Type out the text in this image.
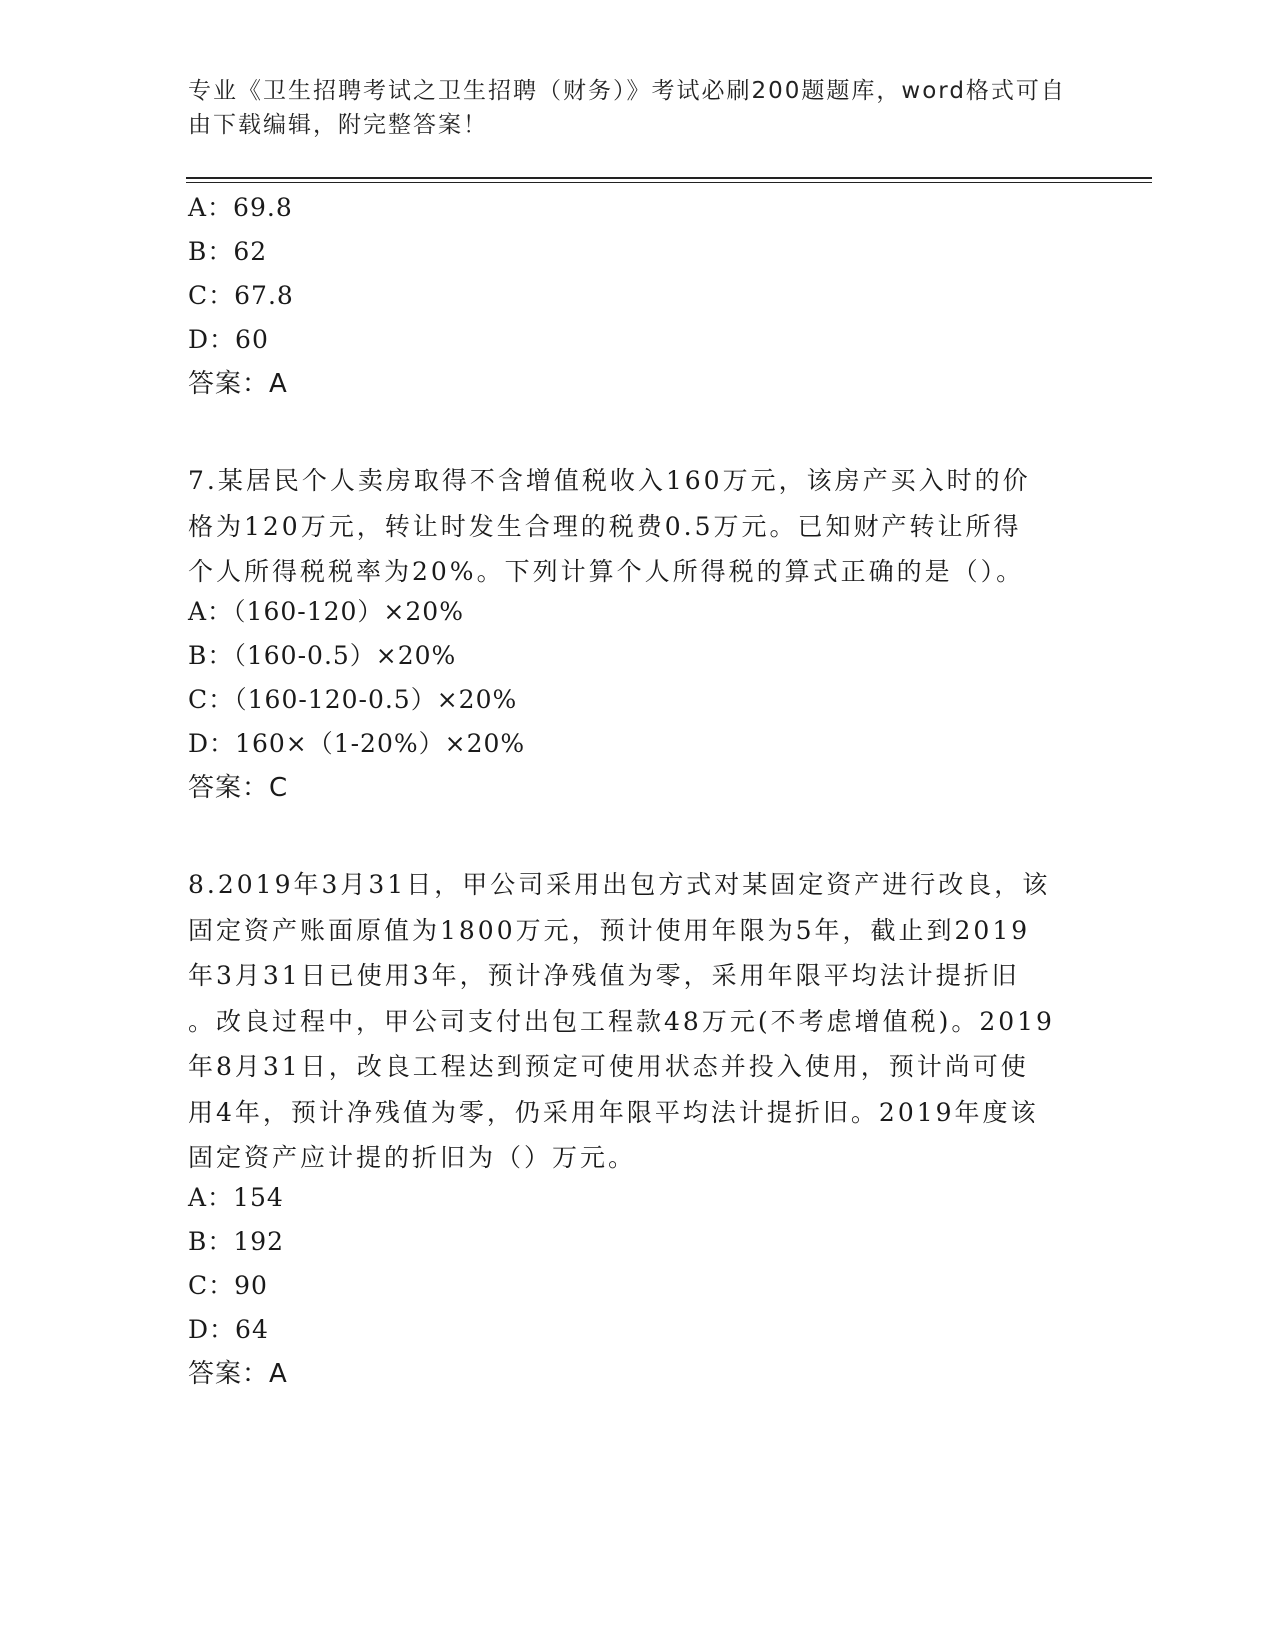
专业《卫生招聘考试之卫生招聘（财务）》考试必刷200题题库，word格式可自
由下载编辑，附完整答案！
A：69.8
B：62
C：67.8
D：60
答案：A

7.某居民个人卖房取得不含增值税收入160万元，该房产买入时的价

格为120万元，转让时发生合理的税费0.5万元。已知财产转让所得

个人所得税税率为20%。下列计算个人所得税的算式正确的是（）。

A：（160-120）×20%
B：（160-0.5）×20%
C：（160-120-0.5）×20%
D：160×（1-20%）×20%
答案：C

8.2019年3月31日，甲公司采用出包方式对某固定资产进行改良，该

固定资产账面原值为1800万元，预计使用年限为5年，截止到2019

年3月31日已使用3年，预计净残值为零，采用年限平均法计提折旧

。改良过程中，甲公司支付出包工程款48万元(不考虑增值税)。2019

年8月31日，改良工程达到预定可使用状态并投入使用，预计尚可使

用4年，预计净残值为零，仍采用年限平均法计提折旧。2019年度该

固定资产应计提的折旧为（）万元。

A：154
B：192
C：90
D：64
答案：A
